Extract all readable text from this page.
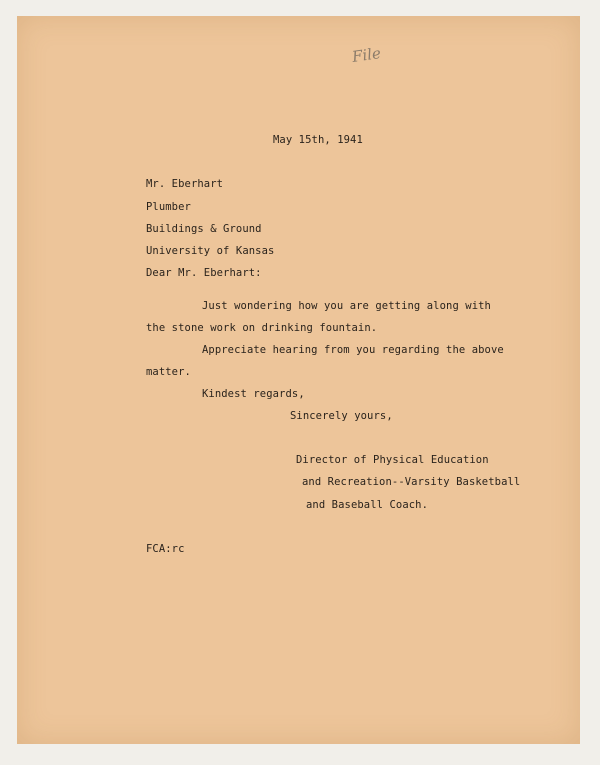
File
May 15th, 1941
Mr. Eberhart
Plumber
Buildings & Ground
University of Kansas
Dear Mr. Eberhart:
Just wondering how you are getting along with
the stone work on drinking fountain.
Appreciate hearing from you regarding the above
matter.
Kindest regards,
Sincerely yours,
Director of Physical Education
and Recreation--Varsity Basketball
and Baseball Coach.
FCA:rc
